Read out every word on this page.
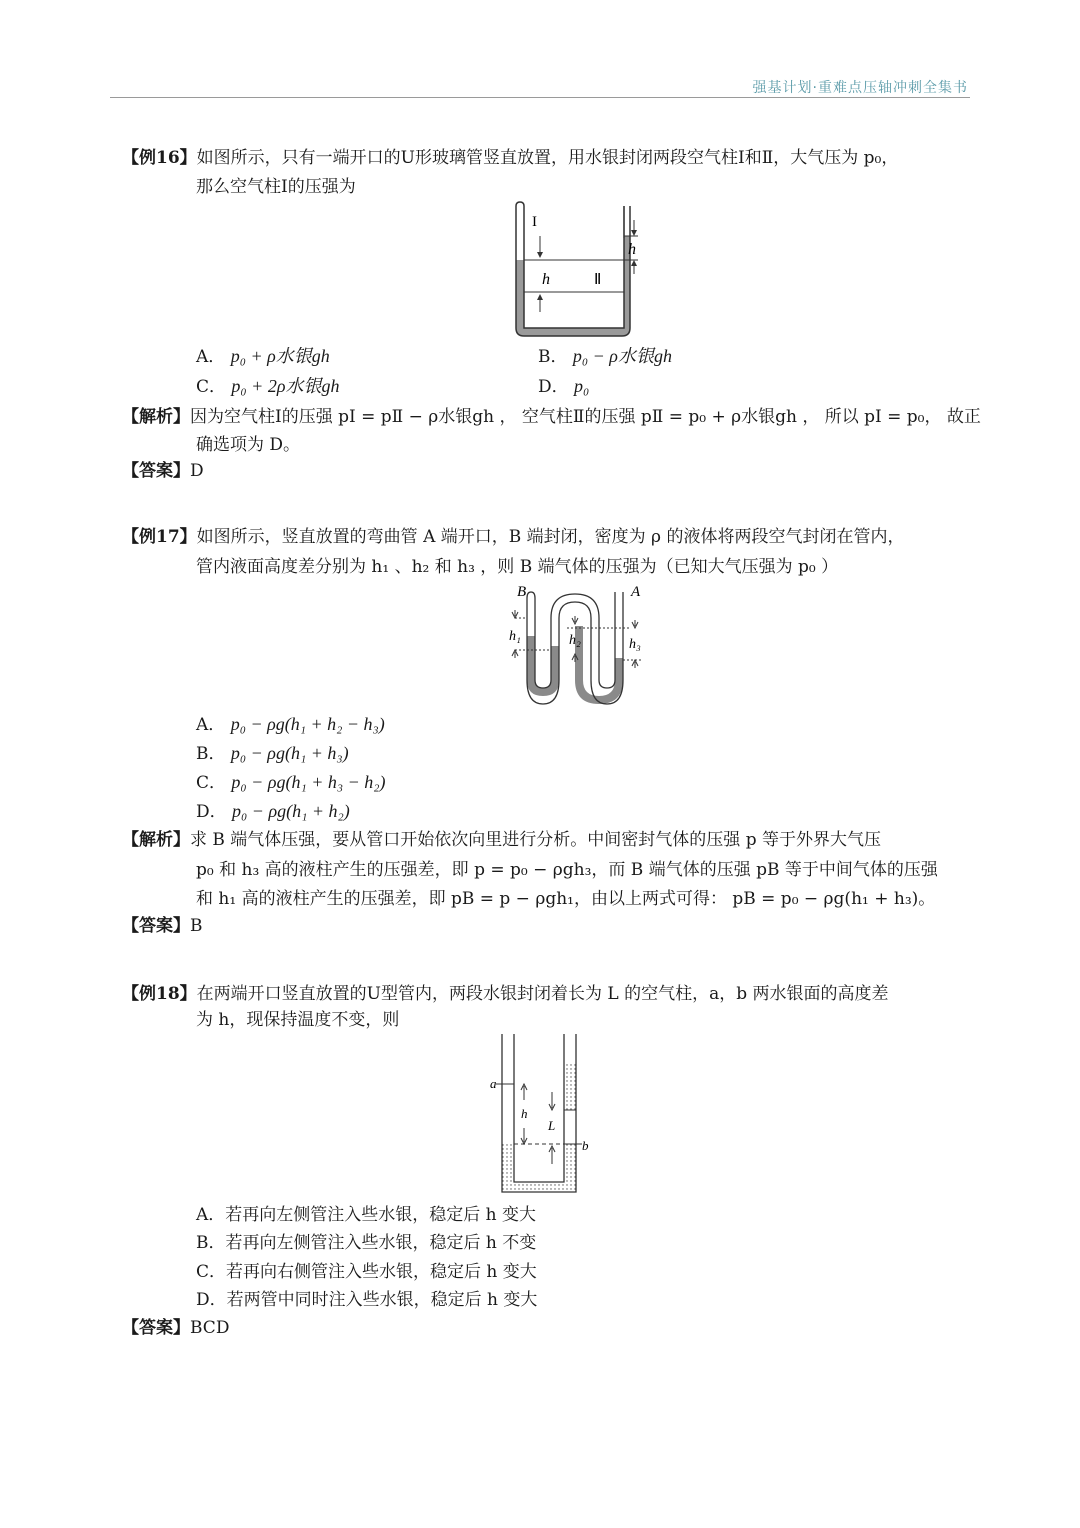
强基计划·重难点压轴冲刺全集书
【例16】如图所示，只有一端开口的U形玻璃管竖直放置，用水银封闭两段空气柱Ⅰ和Ⅱ，大气压为 p₀，
那么空气柱Ⅰ的压强为
I
h	Ⅱ
h
A． p₀ + ρ水银gh	B． p₀ − ρ水银gh
C． p₀ + 2ρ水银gh	D． p₀
【解析】因为空气柱Ⅰ的压强 pⅠ = pⅡ − ρ水银gh ， 空气柱Ⅱ的压强 pⅡ = p₀ + ρ水银gh ， 所以 pⅠ = p₀， 故正
确选项为 D。
【答案】D
【例17】如图所示，竖直放置的弯曲管 A 端开口，B 端封闭，密度为 ρ 的液体将两段空气封闭在管内，
管内液面高度差分别为 h₁ 、h₂ 和 h₃ ，则 B 端气体的压强为（已知大气压强为 p₀ ）
B	A
h₁	h₂	h₃
A． p₀ − ρg(h₁ + h₂ − h₃)
B． p₀ − ρg(h₁ + h₃)
C． p₀ − ρg(h₁ + h₃ − h₂)
D． p₀ − ρg(h₁ + h₂)
【解析】求 B 端气体压强，要从管口开始依次向里进行分析。中间密封气体的压强 p 等于外界大气压
p₀ 和 h₃ 高的液柱产生的压强差，即 p = p₀ − ρgh₃，而 B 端气体的压强 pB 等于中间气体的压强
和 h₁ 高的液柱产生的压强差，即 pB = p − ρgh₁，由以上两式可得： pB = p₀ − ρg(h₁ + h₃)。
【答案】B
【例18】在两端开口竖直放置的U型管内，两段水银封闭着长为 L 的空气柱，a，b 两水银面的高度差
为 h，现保持温度不变，则
a
b
h
L
A．若再向左侧管注入些水银，稳定后 h 变大
B．若再向左侧管注入些水银，稳定后 h 不变
C．若再向右侧管注入些水银，稳定后 h 变大
D．若两管中同时注入些水银，稳定后 h 变大
【答案】BCD
